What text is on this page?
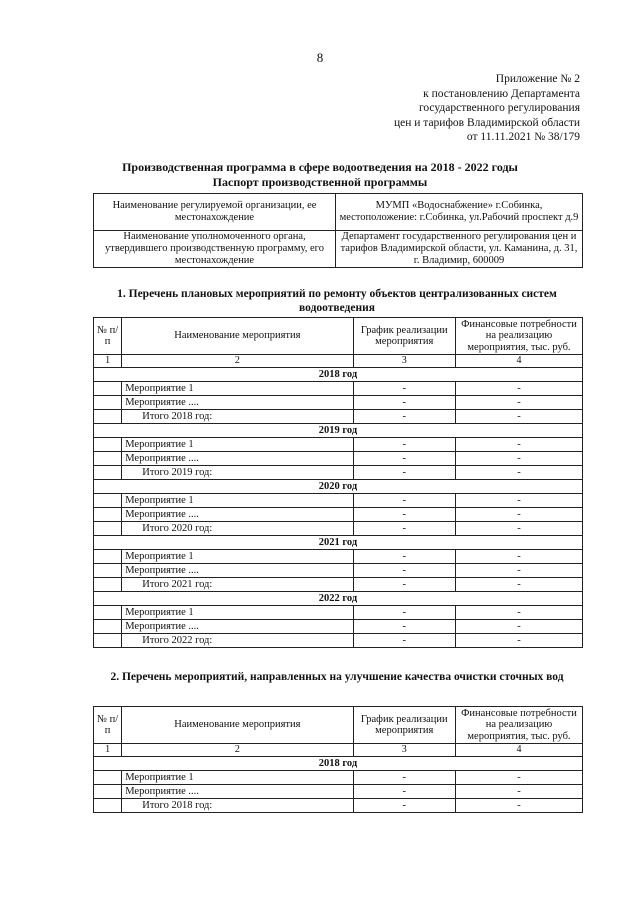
8
Приложение № 2
к постановлению Департамента
государственного регулирования
цен и тарифов Владимирской области
от 11.11.2021 № 38/179
Производственная программа в сфере водоотведения на 2018 - 2022 годы
Паспорт производственной программы
Наименование регулируемой организации, ее местонахождение	МУМП «Водоснабжение» г.Собинка, местоположение: г.Собинка, ул.Рабочий проспект д.9
Наименование уполномоченного органа, утвердившего производственную программу, его местонахождение	Департамент государственного регулирования цен и тарифов Владимирской области, ул. Каманина, д. 31, г. Владимир, 600009
1. Перечень плановых мероприятий по ремонту объектов централизованных систем водоотведения
№ п/п	Наименование мероприятия	График реализации мероприятия	Финансовые потребности на реализацию мероприятия, тыс. руб.
1	2	3	4
2018 год			
	Мероприятие 1	-	-
	Мероприятие ....	-	-
	Итого 2018 год:	-	-
2019 год			
	Мероприятие 1	-	-
	Мероприятие ....	-	-
	Итого 2019 год:	-	-
2020 год			
	Мероприятие 1	-	-
	Мероприятие ....	-	-
	Итого 2020 год:	-	-
2021 год			
	Мероприятие 1	-	-
	Мероприятие ....	-	-
	Итого 2021 год:	-	-
2022 год			
	Мероприятие 1	-	-
	Мероприятие ....	-	-
	Итого 2022 год:	-	-
2. Перечень мероприятий, направленных на улучшение качества очистки сточных вод
№ п/п	Наименование мероприятия	График реализации мероприятия	Финансовые потребности на реализацию мероприятия, тыс. руб.
1	2	3	4
2018 год			
	Мероприятие 1	-	-
	Мероприятие ....	-	-
	Итого 2018 год:	-	-
